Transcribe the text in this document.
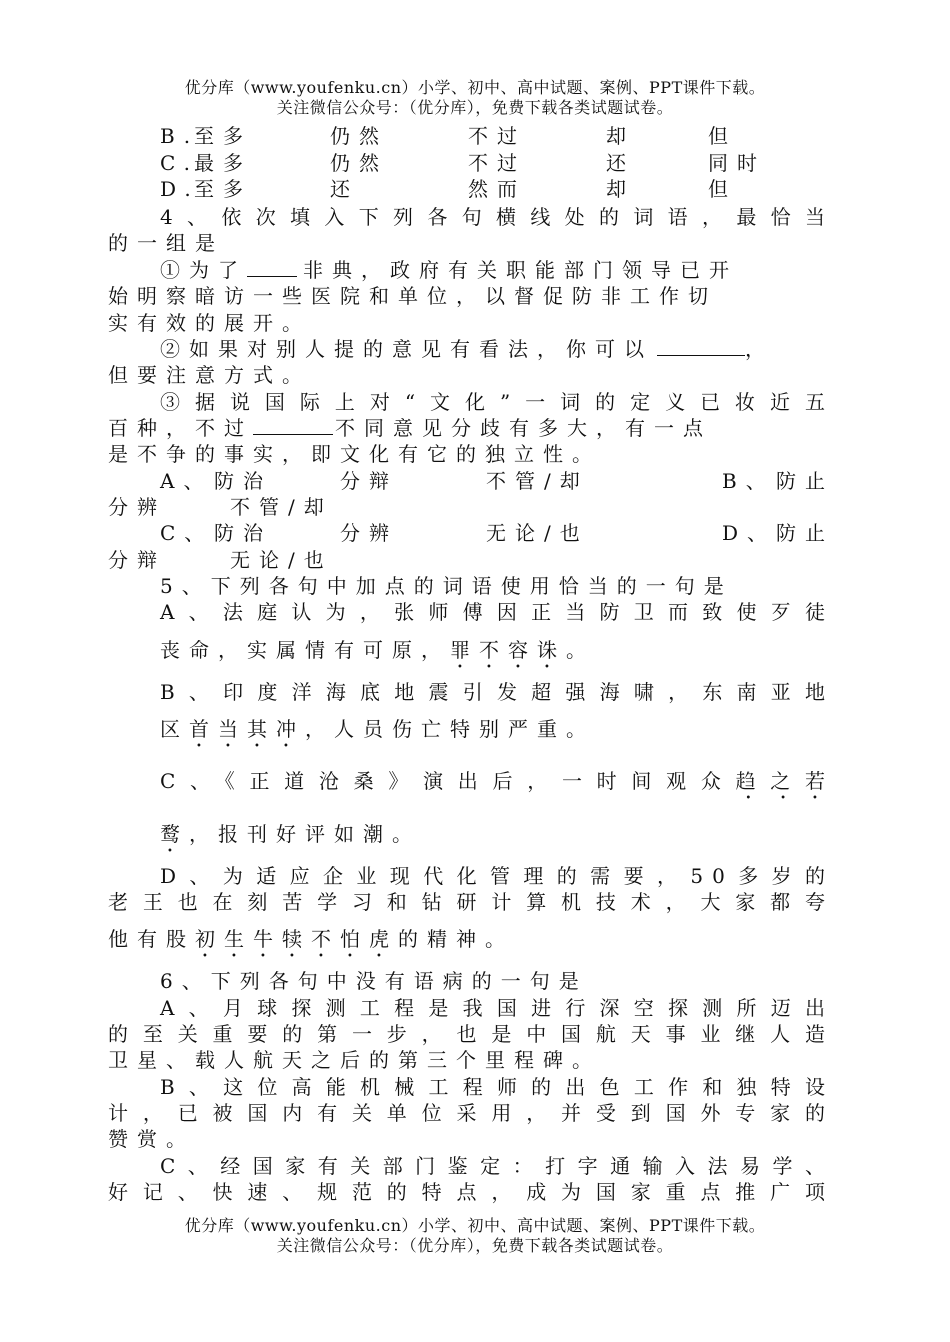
优分库（www.youfenku.cn）小学、初中、高中试题、案例、PPT课件下载。
关注微信公众号：（优分库），免费下载各类试题试卷。
B.
至多	仍然	不过	却	但
C.
最多	仍然	不过	还	同时
D.
至多	还	然而	却	但
4、依次填入下列各句横线处的词语，最恰当
的一组是
①为了	非典，政府有关职能部门领导已开
始明察暗访一些医院和单位，以督促防非工作切
实有效的展开。
②如果对别人提的意见有看法，你可以	，
但要注意方式。
③据说国际上对“文化”一词的定义已妆近五
百种，不过	不同意见分歧有多大，有一点
是不争的事实，即文化有它的独立性。
A、 防治	分辩	不管/却	B、 防止
分辨	不管/却
C、 防治	分辨	无论/也	D、 防止
分辩	无论/也
5、下列各句中加点的词语使用恰当的一句是
A、法庭认为，张师傅因正当防卫而致使歹徒
丧命，实属情有可原，罪不容诛。
B、印度洋海底地震引发超强海啸，东南亚地
区首当其冲，人员伤亡特别严重。
C、《正道沧桑》演出后，一时间观众趋之若
鹜，报刊好评如潮。
D、为适应企业现代化管理的需要，50多岁的
老王也在刻苦学习和钻研计算机技术，大家都夸
他有股初生牛犊不怕虎的精神。
6、下列各句中没有语病的一句是
A、月球探测工程是我国进行深空探测所迈出
的至关重要的第一步，也是中国航天事业继人造
卫星、载人航天之后的第三个里程碑。
B、这位高能机械工程师的出色工作和独特设
计，已被国内有关单位采用，并受到国外专家的
赞赏。
C、经国家有关部门鉴定：打字通输入法易学、
好记、快速、规范的特点，成为国家重点推广项
优分库（www.youfenku.cn）小学、初中、高中试题、案例、PPT课件下载。
关注微信公众号：（优分库），免费下载各类试题试卷。
